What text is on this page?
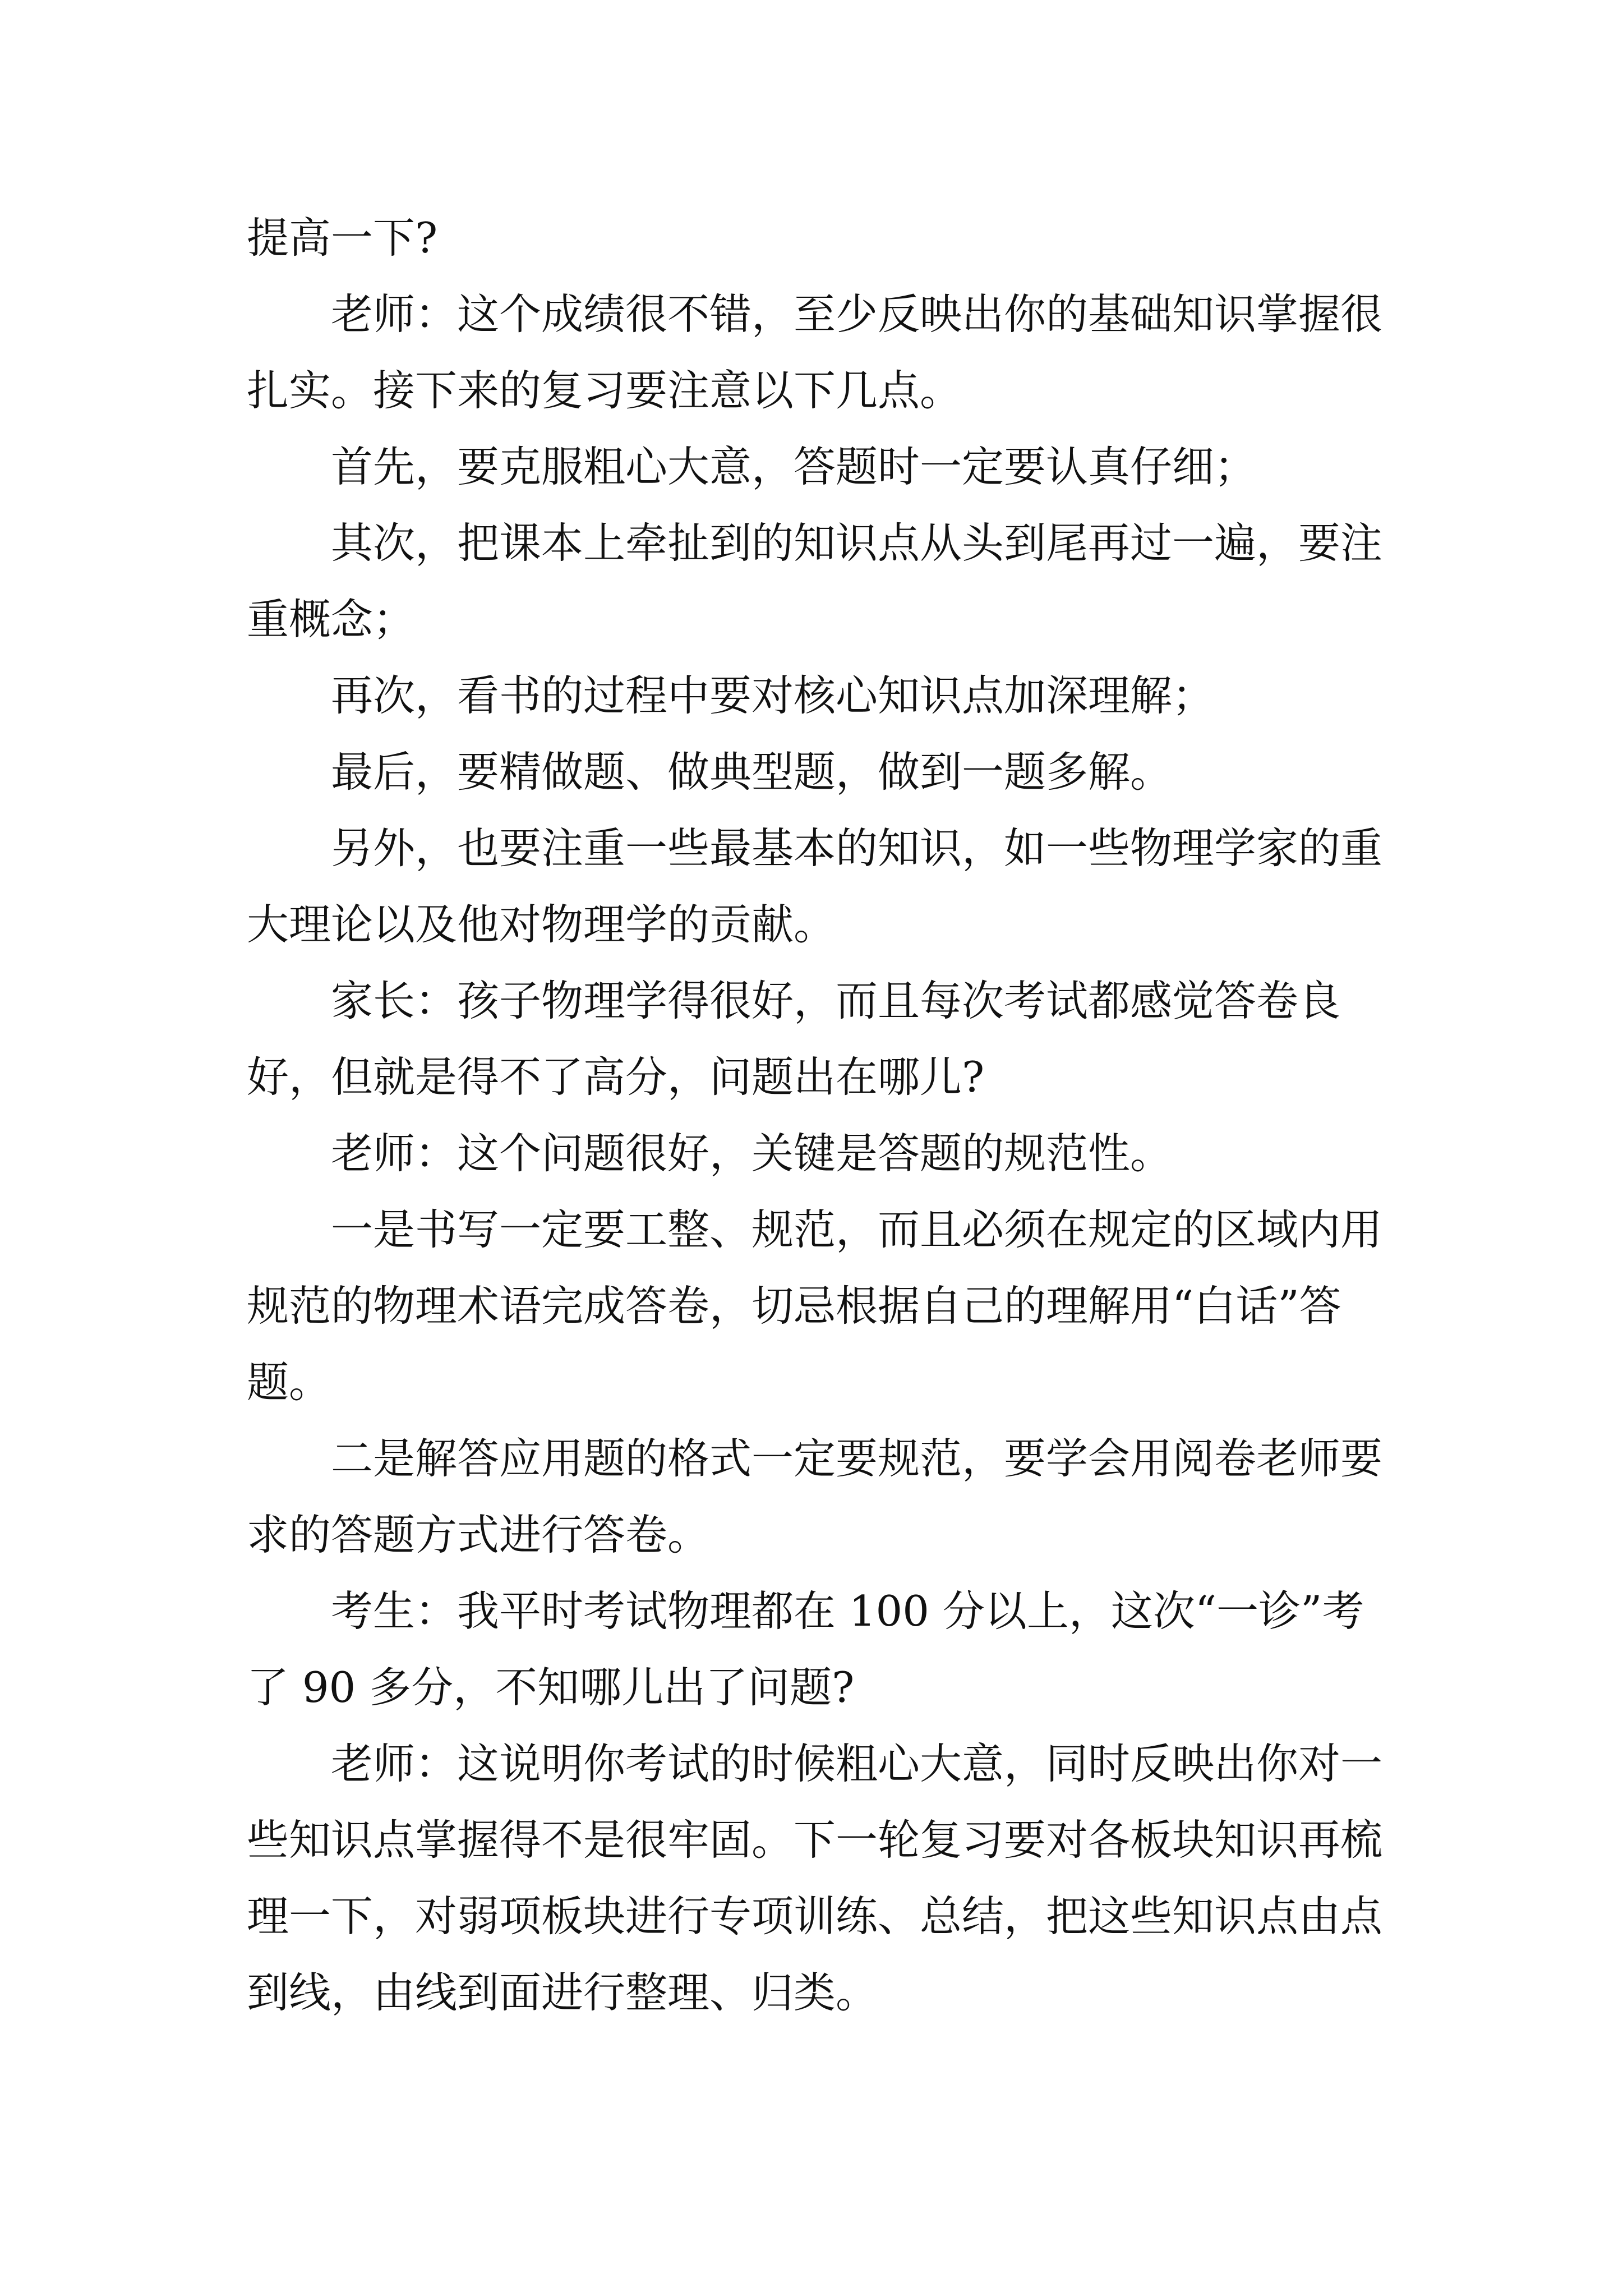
提高一下?

老师：这个成绩很不错，至少反映出你的基础知识掌握很扎实。接下来的复习要注意以下几点。

首先，要克服粗心大意，答题时一定要认真仔细；

其次，把课本上牵扯到的知识点从头到尾再过一遍，要注重概念；

再次，看书的过程中要对核心知识点加深理解；

最后，要精做题、做典型题，做到一题多解。

另外，也要注重一些最基本的知识，如一些物理学家的重大理论以及他对物理学的贡献。

家长：孩子物理学得很好，而且每次考试都感觉答卷良好，但就是得不了高分，问题出在哪儿?

老师：这个问题很好，关键是答题的规范性。

一是书写一定要工整、规范，而且必须在规定的区域内用规范的物理术语完成答卷，切忌根据自己的理解用“白话”答题。

二是解答应用题的格式一定要规范，要学会用阅卷老师要求的答题方式进行答卷。

考生：我平时考试物理都在 100 分以上，这次“一诊”考了 90 多分，不知哪儿出了问题?

老师：这说明你考试的时候粗心大意，同时反映出你对一些知识点掌握得不是很牢固。下一轮复习要对各板块知识再梳理一下，对弱项板块进行专项训练、总结，把这些知识点由点到线，由线到面进行整理、归类。
